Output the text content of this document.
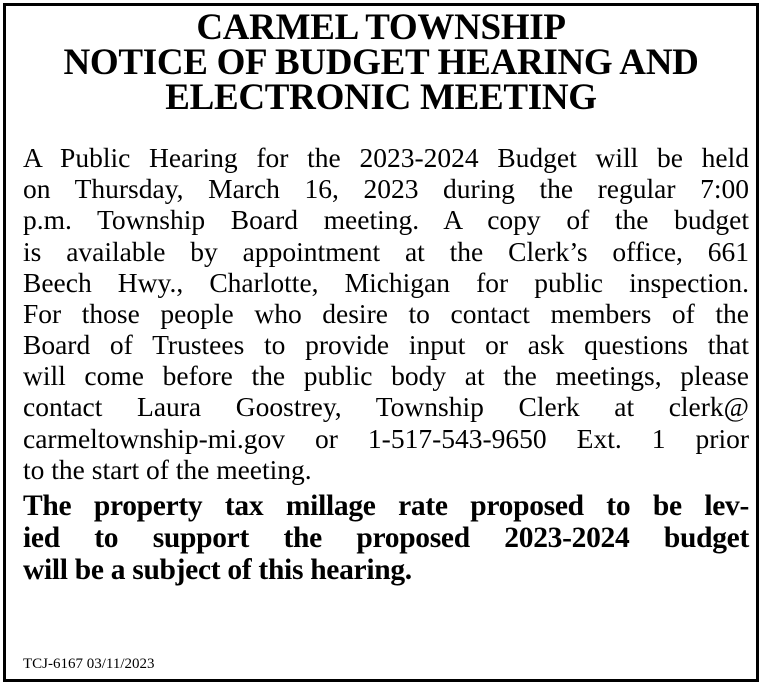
CARMEL TOWNSHIP
NOTICE OF BUDGET HEARING AND
ELECTRONIC MEETING
A Public Hearing for the 2023-2024 Budget will be held
on Thursday, March 16, 2023 during the regular 7:00
p.m. Township Board meeting. A copy of the budget
is available by appointment at the Clerk’s office, 661
Beech Hwy., Charlotte, Michigan for public inspection.
For those people who desire to contact members of the
Board of Trustees to provide input or ask questions that
will come before the public body at the meetings, please
contact Laura Goostrey, Township Clerk at clerk@
carmeltownship-mi.gov or 1-517-543-9650 Ext. 1 prior
to the start of the meeting.
The property tax millage rate proposed to be lev-
ied to support the proposed 2023-2024 budget
will be a subject of this hearing.
TCJ-6167 03/11/2023
